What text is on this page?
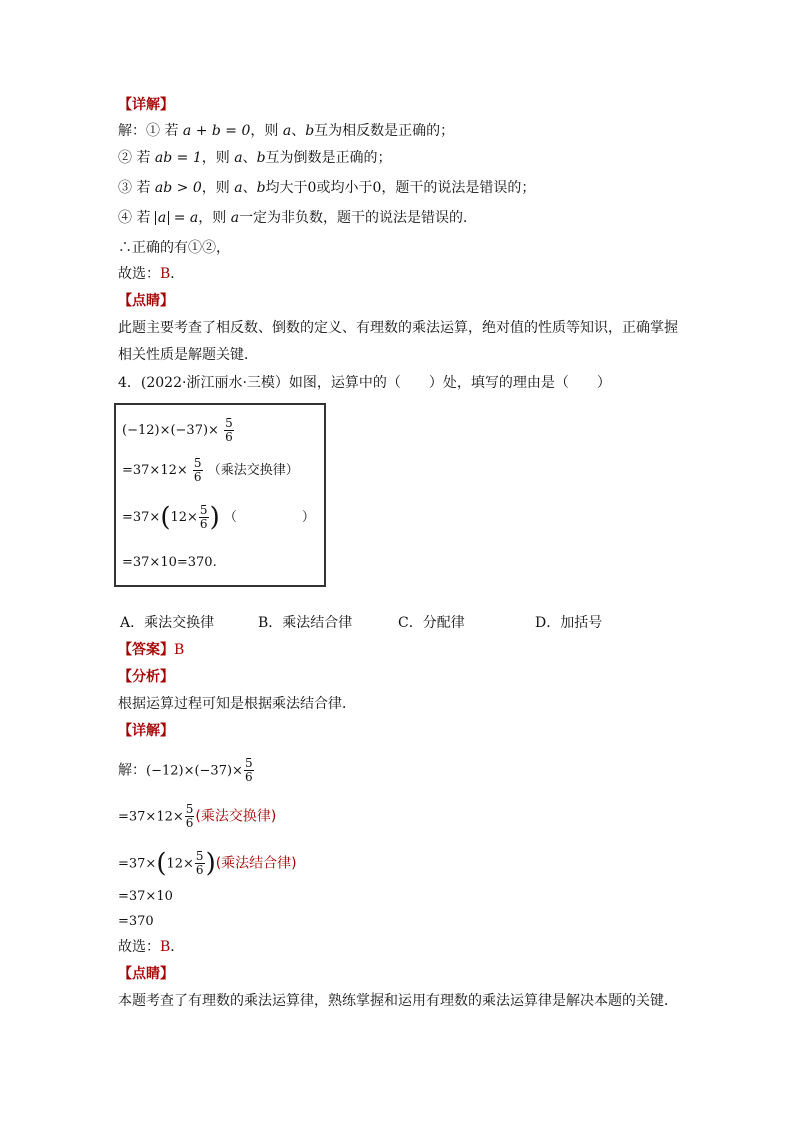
【详解】
解：① 若 a + b = 0，则 a、b互为相反数是正确的；
② 若 ab = 1，则 a、b互为倒数是正确的；
③ 若 ab > 0，则 a、b均大于0或均小于0，题干的说法是错误的；
④ 若 a = a，则 a一定为非负数，题干的说法是错误的．
∴正确的有①②，
故选：B．
【点睛】
此题主要考查了相反数、倒数的定义、有理数的乘法运算，绝对值的性质等知识，正确掌握
相关性质是解题关键．
4．(2022·浙江丽水·三模）如图，运算中的（　　）处，填写的理由是（　　）
$(-12)\times(-37)\times \frac{5}{6}$
$=37\times 12\times \frac{5}{6}$ （乘法交换律）
$=37\times(12\times \frac{5}{6}$ ) （　　　　　）
=37×10=370.
A．乘法交换律	B．乘法结合律	C．分配律	D．加括号
【答案】B
【分析】
根据运算过程可知是根据乘法结合律．
【详解】
解：$(-12)\times(-37)\times \frac{5}{6}$
$=37\times 12\times \frac{5}{6}$ (乘法交换律)
$=37\times(12\times \frac{5}{6}$ )(乘法结合律)
=37×10
=370
故选：B．
【点睛】
本题考查了有理数的乘法运算律，熟练掌握和运用有理数的乘法运算律是解决本题的关键．
